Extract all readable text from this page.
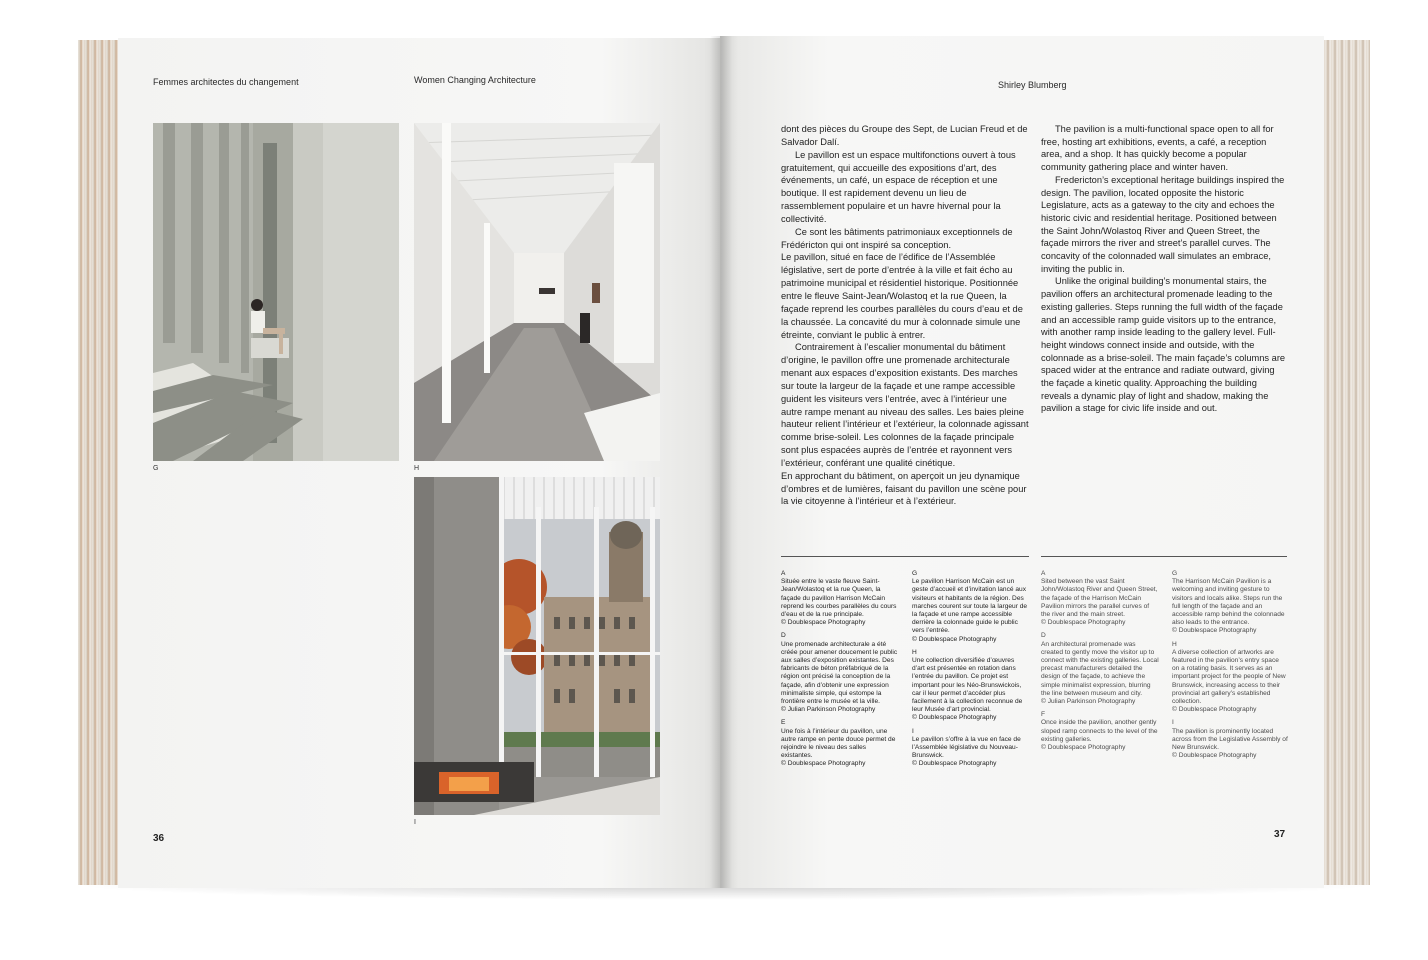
Femmes architectes du changement	Women Changing Architecture
G	H
I
36
Shirley Blumberg

dont des pièces du Groupe des Sept, de Lucian Freud et de Salvador Dalí.

Le pavillon est un espace multifonctions ouvert à tous gratuitement, qui accueille des expositions d’art, des événements, un café, un espace de réception et une boutique. Il est rapidement devenu un lieu de rassemblement populaire et un havre hivernal pour la collectivité.

Ce sont les bâtiments patrimoniaux exceptionnels de Frédéricton qui ont inspiré sa conception.

Le pavillon, situé en face de l’édifice de l’Assemblée législative, sert de porte d’entrée à la ville et fait écho au patrimoine municipal et résidentiel historique. Positionnée entre le fleuve Saint-Jean/Wolastoq et la rue Queen, la façade reprend les courbes parallèles du cours d’eau et de la chaussée. La concavité du mur à colonnade simule une étreinte, conviant le public à entrer.

Contrairement à l’escalier monumental du bâtiment d’origine, le pavillon offre une promenade architecturale menant aux espaces d’exposition existants. Des marches sur toute la largeur de la façade et une rampe accessible guident les visiteurs vers l’entrée, avec à l’intérieur une autre rampe menant au niveau des salles. Les baies pleine hauteur relient l’intérieur et l’extérieur, la colonnade agissant comme brise-soleil. Les colonnes de la façade principale sont plus espacées auprès de l’entrée et rayonnent vers l’extérieur, conférant une qualité cinétique.

En approchant du bâtiment, on aperçoit un jeu dynamique d’ombres et de lumières, faisant du pavillon une scène pour la vie citoyenne à l’intérieur et à l’extérieur.

The pavilion is a multi-functional space open to all for free, hosting art exhibitions, events, a café, a reception area, and a shop. It has quickly become a popular community gathering place and winter haven.

Fredericton’s exceptional heritage buildings inspired the design. The pavilion, located opposite the historic Legislature, acts as a gateway to the city and echoes the historic civic and residential heritage. Positioned between the Saint John/Wolastoq River and Queen Street, the façade mirrors the river and street’s parallel curves. The concavity of the colonnaded wall simulates an embrace, inviting the public in.

Unlike the original building’s monumental stairs, the pavilion offers an architectural promenade leading to the existing galleries. Steps running the full width of the façade and an accessible ramp guide visitors up to the entrance, with another ramp inside leading to the gallery level. Full-height windows connect inside and outside, with the colonnade as a brise-soleil. The main façade’s columns are spaced wider at the entrance and radiate outward, giving the façade a kinetic quality. Approaching the building reveals a dynamic play of light and shadow, making the pavilion a stage for civic life inside and out.

A
Située entre le vaste fleuve Saint-Jean/Wolastoq et la rue Queen, la façade du pavillon Harrison McCain reprend les courbes parallèles du cours d’eau et de la rue principale.
© Doublespace Photography
D
Une promenade architecturale a été créée pour amener doucement le public aux salles d’exposition existantes. Des fabricants de béton préfabriqué de la région ont précisé la conception de la façade, afin d’obtenir une expression minimaliste simple, qui estompe la frontière entre le musée et la ville.
© Julian Parkinson Photography
E
Une fois à l’intérieur du pavillon, une autre rampe en pente douce permet de rejoindre le niveau des salles existantes.
© Doublespace Photography
G
Le pavillon Harrison McCain est un geste d’accueil et d’invitation lancé aux visiteurs et habitants de la région. Des marches courent sur toute la largeur de la façade et une rampe accessible derrière la colonnade guide le public vers l’entrée.
© Doublespace Photography
H
Une collection diversifiée d’œuvres d’art est présentée en rotation dans l’entrée du pavillon. Ce projet est important pour les Néo-Brunswickois, car il leur permet d’accéder plus facilement à la collection reconnue de leur Musée d’art provincial.
© Doublespace Photography
I
Le pavillon s’offre à la vue en face de l’Assemblée législative du Nouveau-Brunswick.
© Doublespace Photography
A
Sited between the vast Saint John/Wolastoq River and Queen Street, the façade of the Harrison McCain Pavilion mirrors the parallel curves of the river and the main street.
© Doublespace Photography
D
An architectural promenade was created to gently move the visitor up to connect with the existing galleries. Local precast manufacturers detailed the design of the façade, to achieve the simple minimalist expression, blurring the line between museum and city.
© Julian Parkinson Photography
F
Once inside the pavilion, another gently sloped ramp connects to the level of the existing galleries.
© Doublespace Photography
G
The Harrison McCain Pavilion is a welcoming and inviting gesture to visitors and locals alike. Steps run the full length of the façade and an accessible ramp behind the colonnade also leads to the entrance.
© Doublespace Photography
H
A diverse collection of artworks are featured in the pavilion’s entry space on a rotating basis. It serves as an important project for the people of New Brunswick, increasing access to their provincial art gallery’s established collection.
© Doublespace Photography
I
The pavilion is prominently located across from the Legislative Assembly of New Brunswick.
© Doublespace Photography
37
